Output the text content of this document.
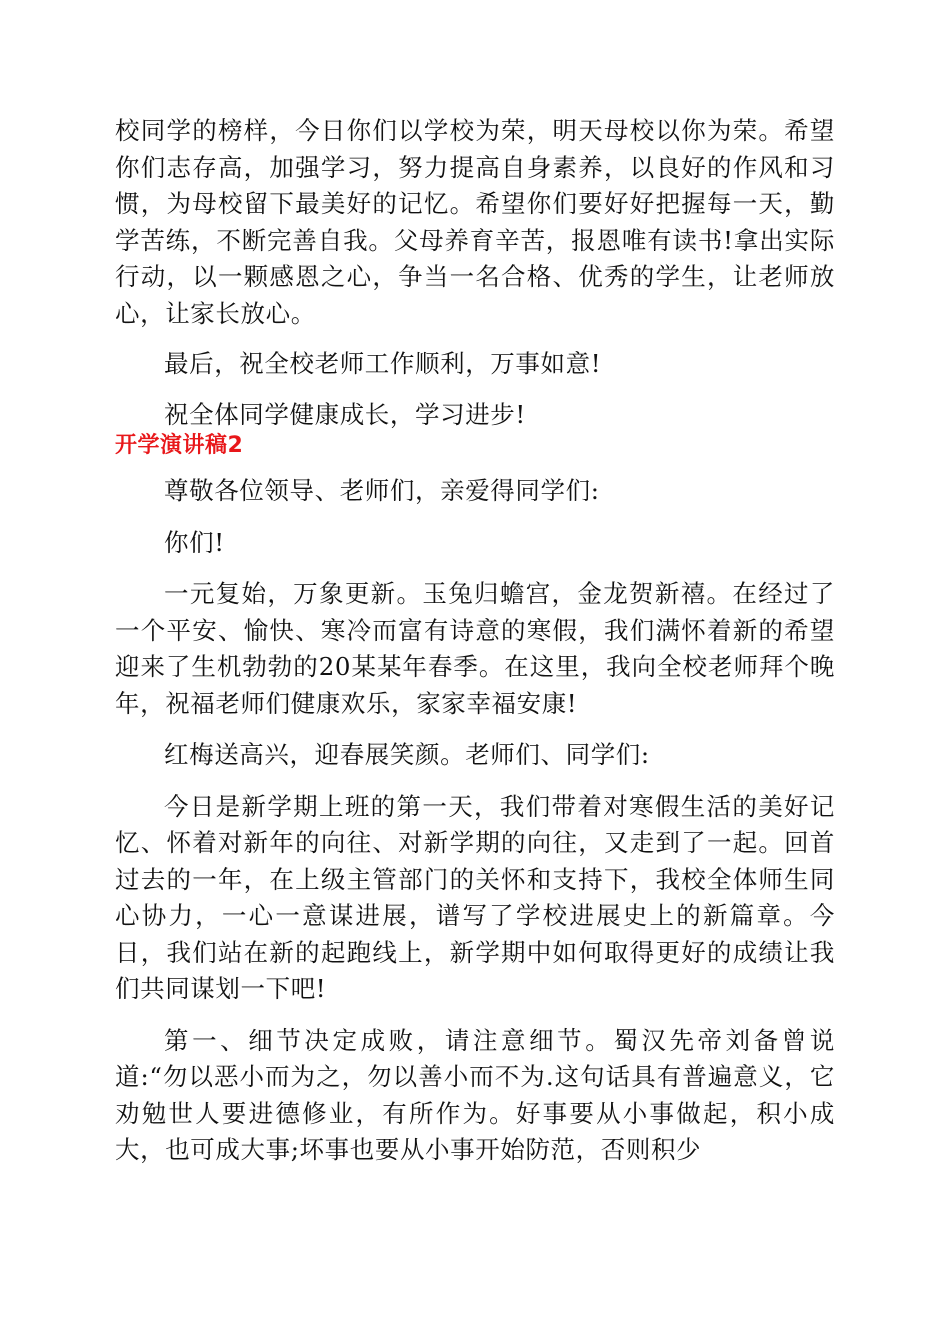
校同学的榜样，今日你们以学校为荣，明天母校以你为荣。希望你们志存高，加强学习，努力提高自身素养，以良好的作风和习惯，为母校留下最美好的记忆。希望你们要好好把握每一天，勤学苦练，不断完善自我。父母养育辛苦，报恩唯有读书!拿出实际行动，以一颗感恩之心，争当一名合格、优秀的学生，让老师放心，让家长放心。

最后，祝全校老师工作顺利，万事如意!

祝全体同学健康成长，学习进步!

开学演讲稿2

尊敬各位领导、老师们，亲爱得同学们:

你们!

一元复始，万象更新。玉兔归蟾宫，金龙贺新禧。在经过了一个平安、愉快、寒冷而富有诗意的寒假，我们满怀着新的希望迎来了生机勃勃的20某某年春季。在这里，我向全校老师拜个晚年，祝福老师们健康欢乐，家家幸福安康!

红梅送高兴，迎春展笑颜。老师们、同学们:

今日是新学期上班的第一天，我们带着对寒假生活的美好记忆、怀着对新年的向往、对新学期的向往，又走到了一起。回首过去的一年，在上级主管部门的关怀和支持下，我校全体师生同心协力，一心一意谋进展，谱写了学校进展史上的新篇章。今日，我们站在新的起跑线上，新学期中如何取得更好的成绩让我们共同谋划一下吧!

第一、细节决定成败，请注意细节。蜀汉先帝刘备曾说道:“勿以恶小而为之，勿以善小而不为.这句话具有普遍意义，它劝勉世人要进德修业，有所作为。好事要从小事做起，积小成大，也可成大事;坏事也要从小事开始防范，否则积少
